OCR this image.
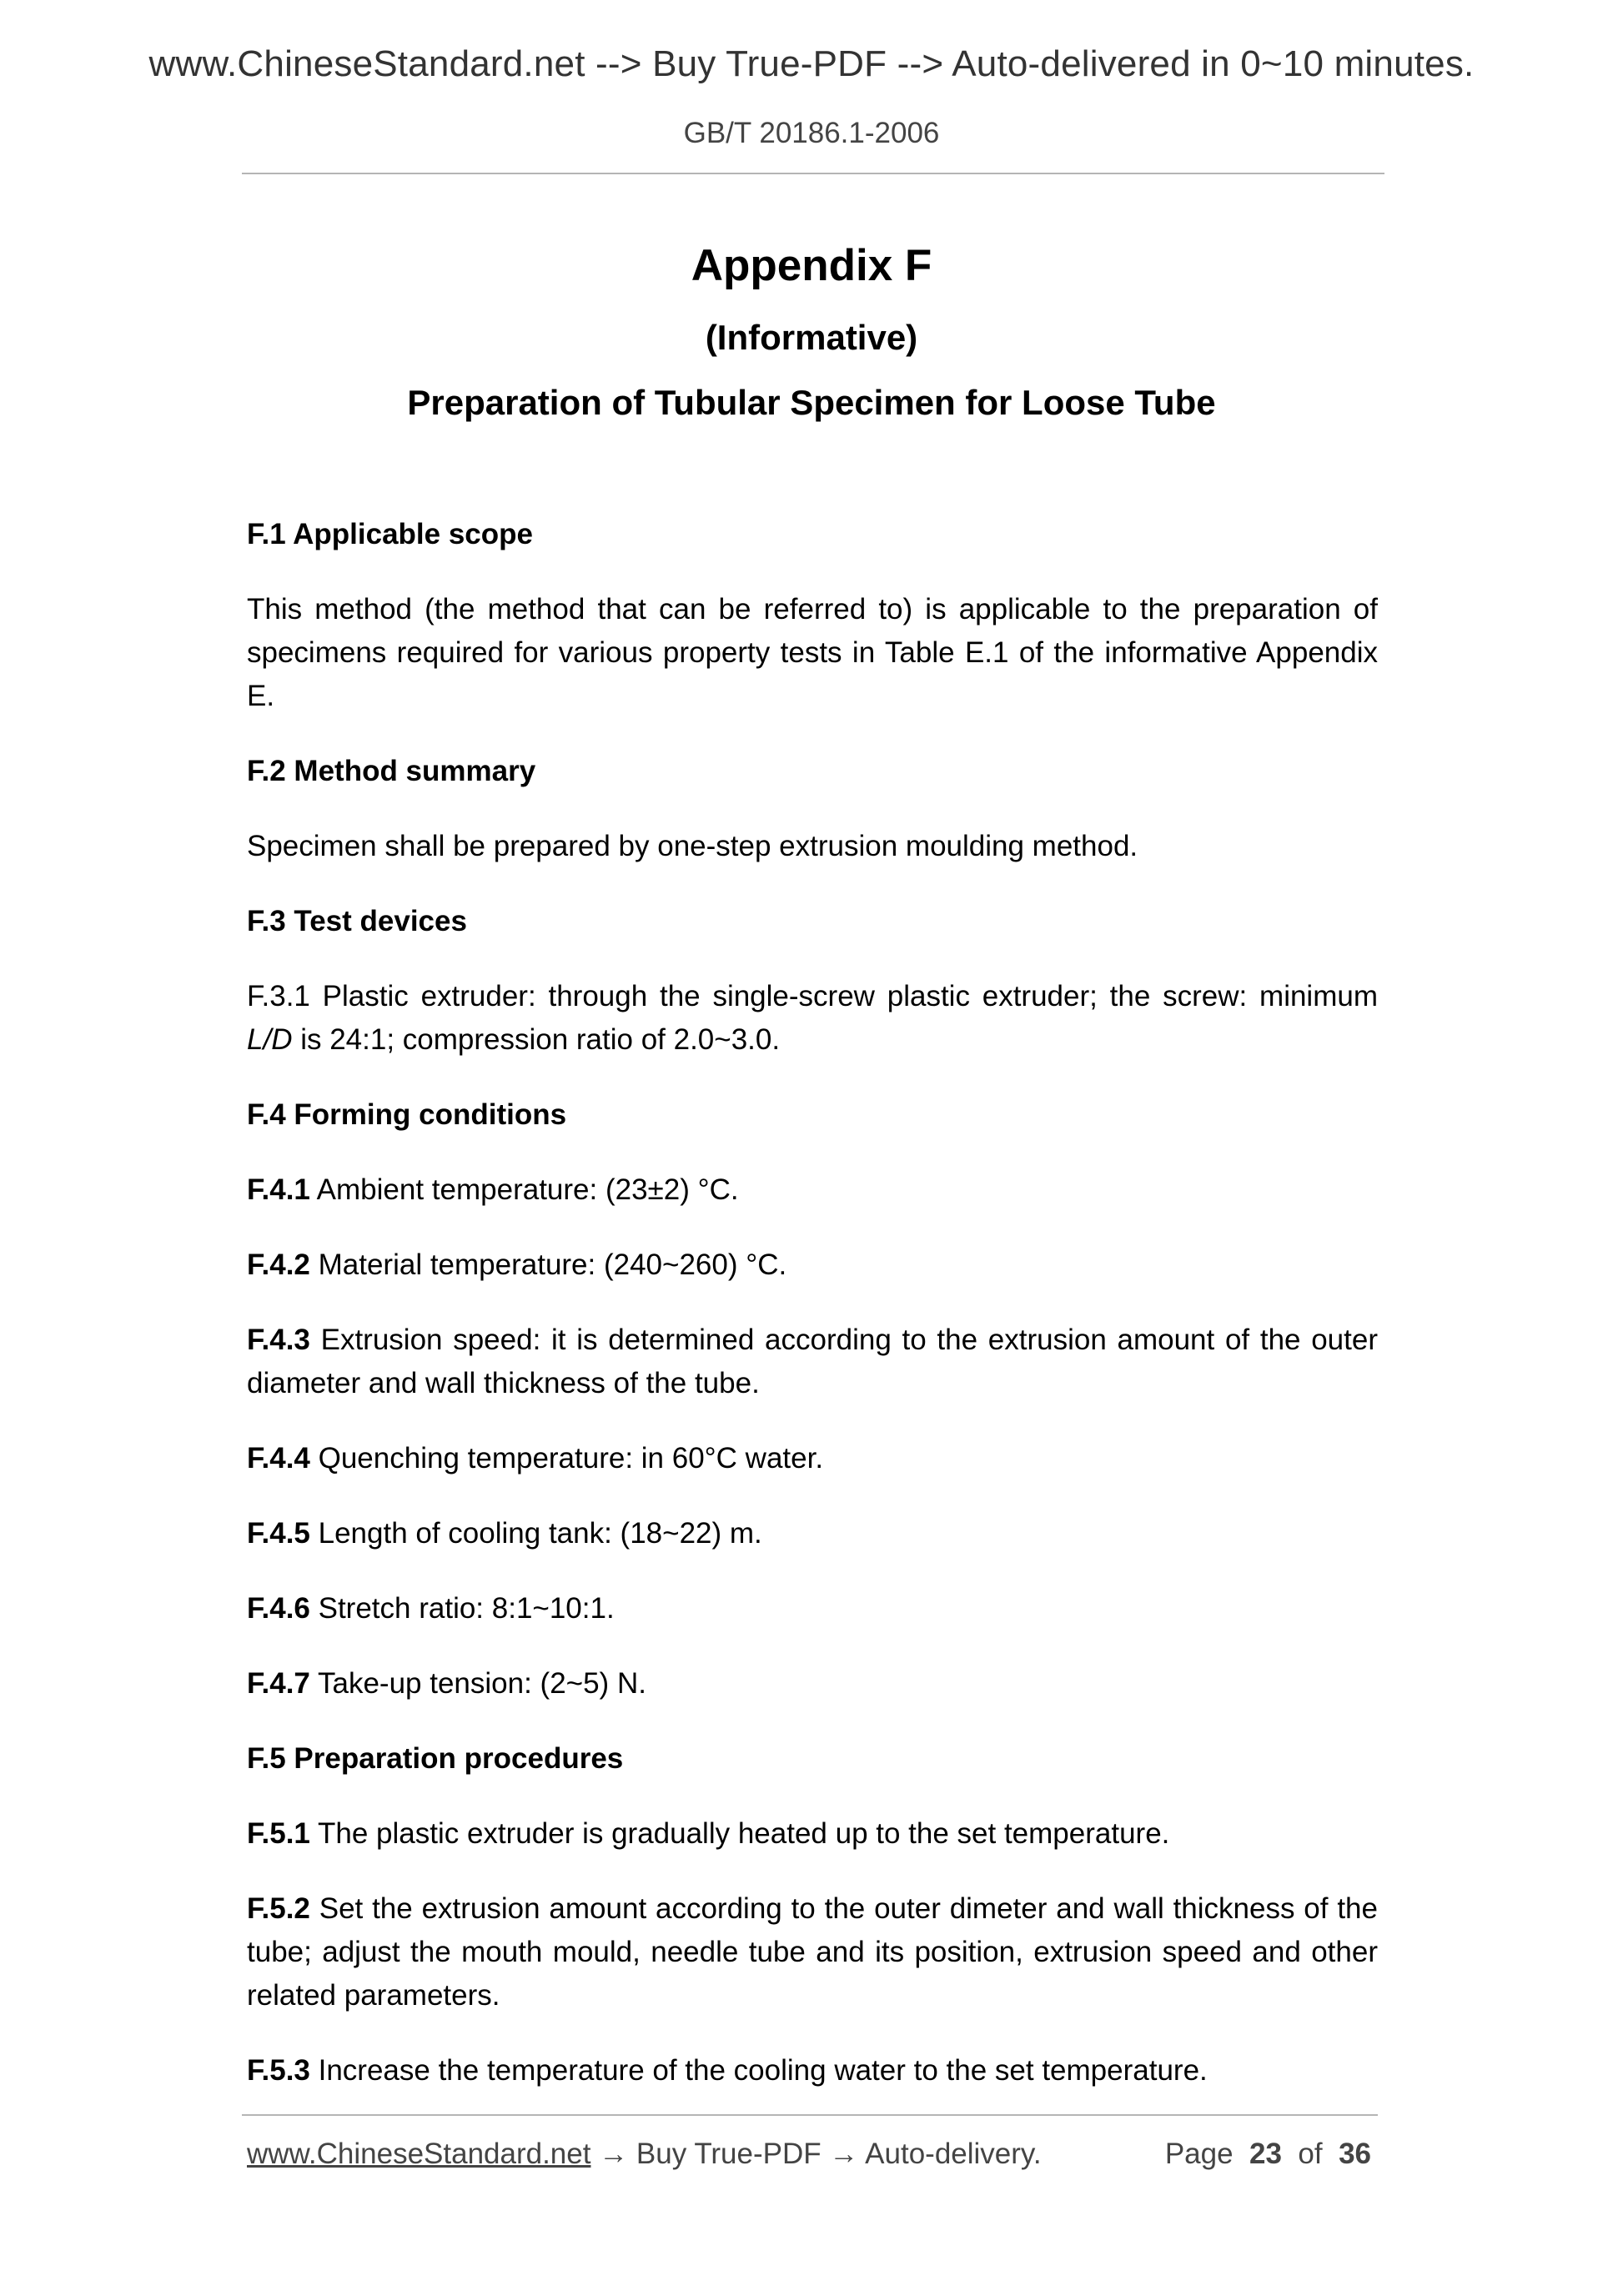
www.ChineseStandard.net --> Buy True-PDF --> Auto-delivered in 0~10 minutes.
GB/T 20186.1-2006
Appendix F
(Informative)
Preparation of Tubular Specimen for Loose Tube

F.1 Applicable scope

This method (the method that can be referred to) is applicable to the preparation of specimens required for various property tests in Table E.1 of the informative Appendix E.

F.2 Method summary

Specimen shall be prepared by one-step extrusion moulding method.

F.3 Test devices

F.3.1 Plastic extruder: through the single-screw plastic extruder; the screw: minimum L/D is 24:1; compression ratio of 2.0~3.0.

F.4 Forming conditions

F.4.1 Ambient temperature: (23±2) °C.

F.4.2 Material temperature: (240~260) °C.

F.4.3 Extrusion speed: it is determined according to the extrusion amount of the outer diameter and wall thickness of the tube.

F.4.4 Quenching temperature: in 60°C water.

F.4.5 Length of cooling tank: (18~22) m.

F.4.6 Stretch ratio: 8:1~10:1.

F.4.7 Take-up tension: (2~5) N.

F.5 Preparation procedures

F.5.1 The plastic extruder is gradually heated up to the set temperature.

F.5.2 Set the extrusion amount according to the outer dimeter and wall thickness of the tube; adjust the mouth mould, needle tube and its position, extrusion speed and other related parameters.

F.5.3 Increase the temperature of the cooling water to the set temperature.

www.ChineseStandard.net → Buy True-PDF → Auto-delivery.	Page 23 of 36
